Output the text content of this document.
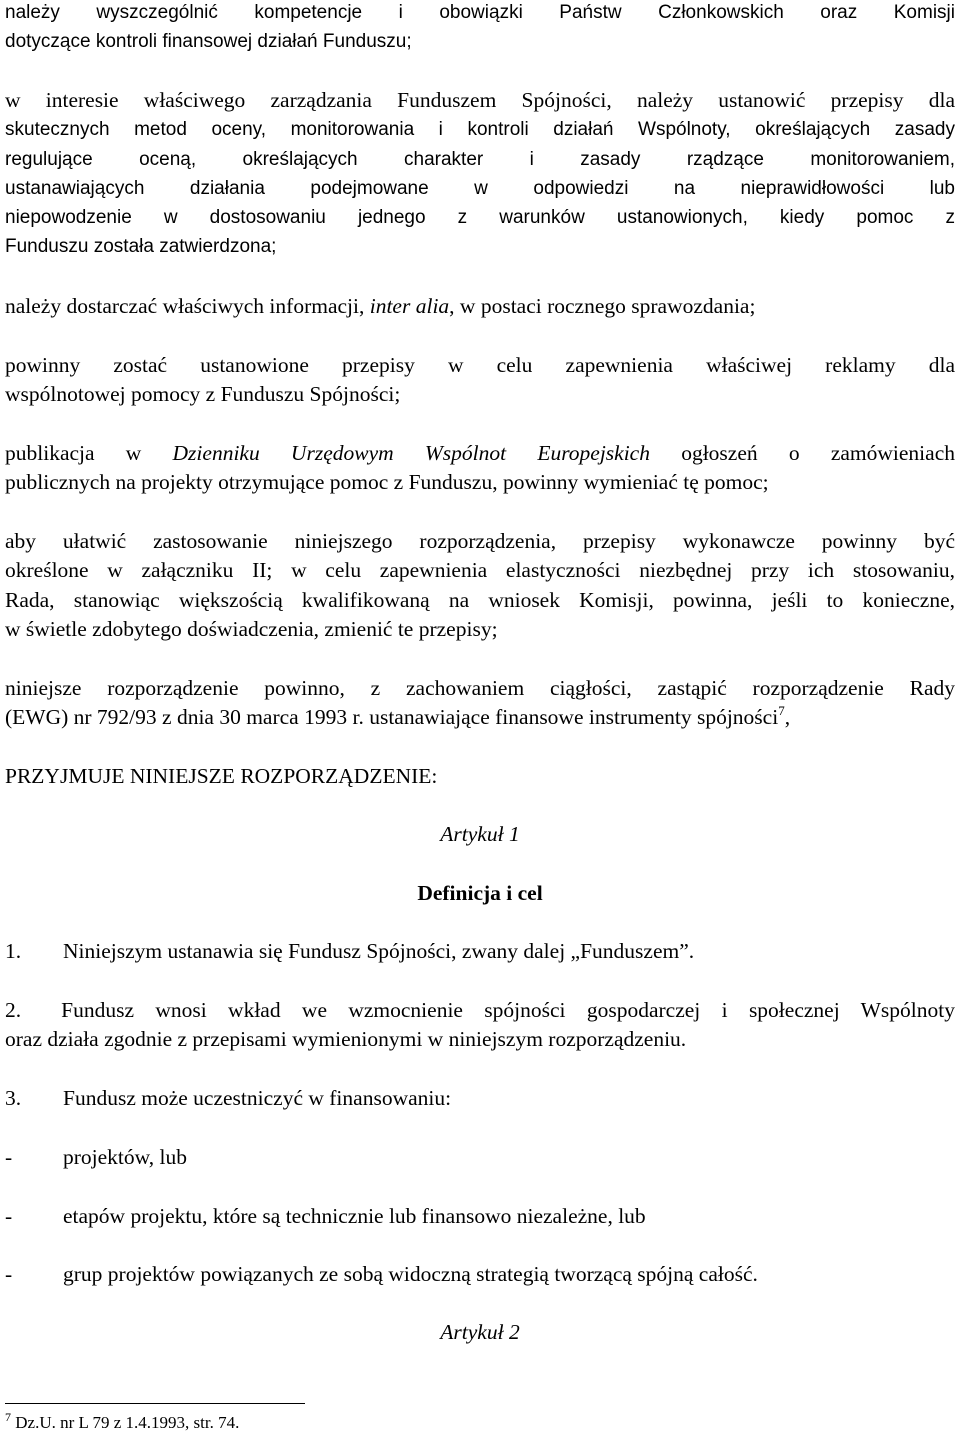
należy wyszczególnić kompetencje i obowiązki Państw Członkowskich oraz Komisji
dotyczące kontroli finansowej działań Funduszu;
w interesie właściwego zarządzania Funduszem Spójności, należy ustanowić przepisy dla
skutecznych metod oceny, monitorowania i kontroli działań Wspólnoty, określających zasady
regulujące oceną, określających charakter i zasady rządzące monitorowaniem,
ustanawiających działania podejmowane w odpowiedzi na nieprawidłowości lub
niepowodzenie w dostosowaniu jednego z warunków ustanowionych, kiedy pomoc z
Funduszu została zatwierdzona;

należy dostarczać właściwych informacji, inter alia, w postaci rocznego sprawozdania;

powinny zostać ustanowione przepisy w celu zapewnienia właściwej reklamy dla
wspólnotowej pomocy z Funduszu Spójności;
publikacja w Dzienniku Urzędowym Wspólnot Europejskich ogłoszeń o zamówieniach
publicznych na projekty otrzymujące pomoc z Funduszu, powinny wymieniać tę pomoc;
aby ułatwić zastosowanie niniejszego rozporządzenia, przepisy wykonawcze powinny być
określone w załączniku II; w celu zapewnienia elastyczności niezbędnej przy ich stosowaniu,
Rada, stanowiąc większością kwalifikowaną na wniosek Komisji, powinna, jeśli to konieczne,
w świetle zdobytego doświadczenia, zmienić te przepisy;
niniejsze rozporządzenie powinno, z zachowaniem ciągłości, zastąpić rozporządzenie Rady
(EWG) nr 792/93 z dnia 30 marca 1993 r. ustanawiające finansowe instrumenty spójności$^7$,

PRZYJMUJE NINIEJSZE ROZPORZĄDZENIE:

Artykuł 1

Definicja i cel

1.	Niniejszym ustanawia się Fundusz Spójności, zwany dalej „Funduszem”.
2. Fundusz wnosi wkład we wzmocnienie spójności gospodarczej i społecznej Wspólnoty
oraz działa zgodnie z przepisami wymienionymi w niniejszym rozporządzeniu.
3.	Fundusz może uczestniczyć w finansowaniu:
-	projektów, lub
-	etapów projektu, które są technicznie lub finansowo niezależne, lub
-	grup projektów powiązanych ze sobą widoczną strategią tworzącą spójną całość.

Artykuł 2

$^7$ Dz.U. nr L 79 z 1.4.1993, str. 74.
